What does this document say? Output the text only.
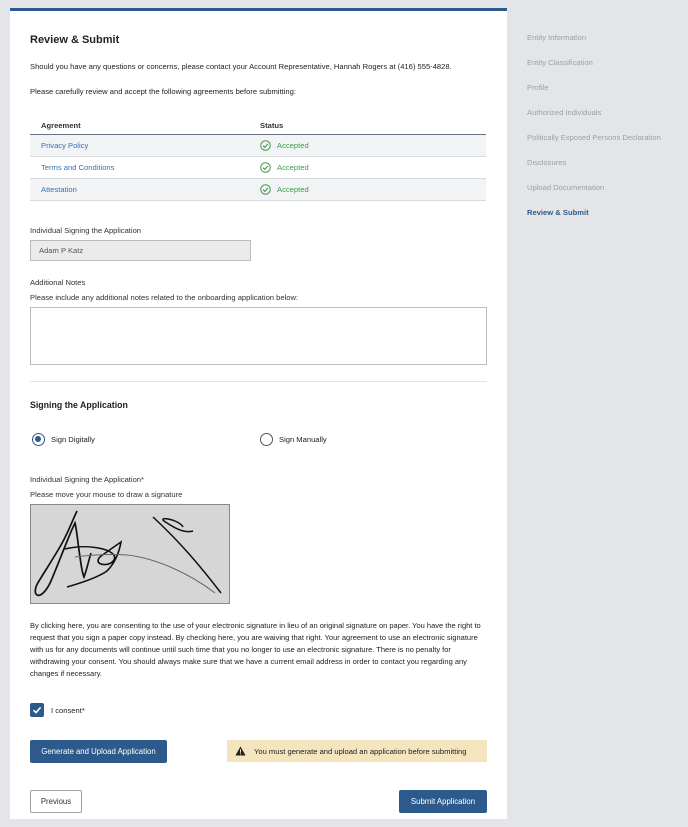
Review & Submit
Should you have any questions or concerns, please contact your Account Representative, Hannah Rogers at (416) 555-4828.
Please carefully review and accept the following agreements before submitting:
Agreement	Status
Privacy Policy	Accepted
Terms and Conditions	Accepted
Attestation	Accepted
Individual Signing the Application
Adam P Katz
Additional Notes
Please include any additional notes related to the onboarding application below:
Signing the Application
Sign Digitally	Sign Manually
Individual Signing the Application*
Please move your mouse to draw a signature
By clicking here, you are consenting to the use of your electronic signature in lieu of an original signature on paper. You have the right to request that you sign a paper copy instead. By checking here, you are waiving that right. Your agreement to use an electronic signature with us for any documents will continue until such time that you no longer to use an electronic signature. There is no penalty for withdrawing your consent. You should always make sure that we have a current email address in order to contact you regarding any changes if necessary.
I consent*
Generate and Upload Application	You must generate and upload an application before submitting
Previous	Submit Application
Entity Information
Entity Classification
Profile
Authorized Individuals
Politically Exposed Persons Declaration
Disclosures
Upload Documentation
Review & Submit
